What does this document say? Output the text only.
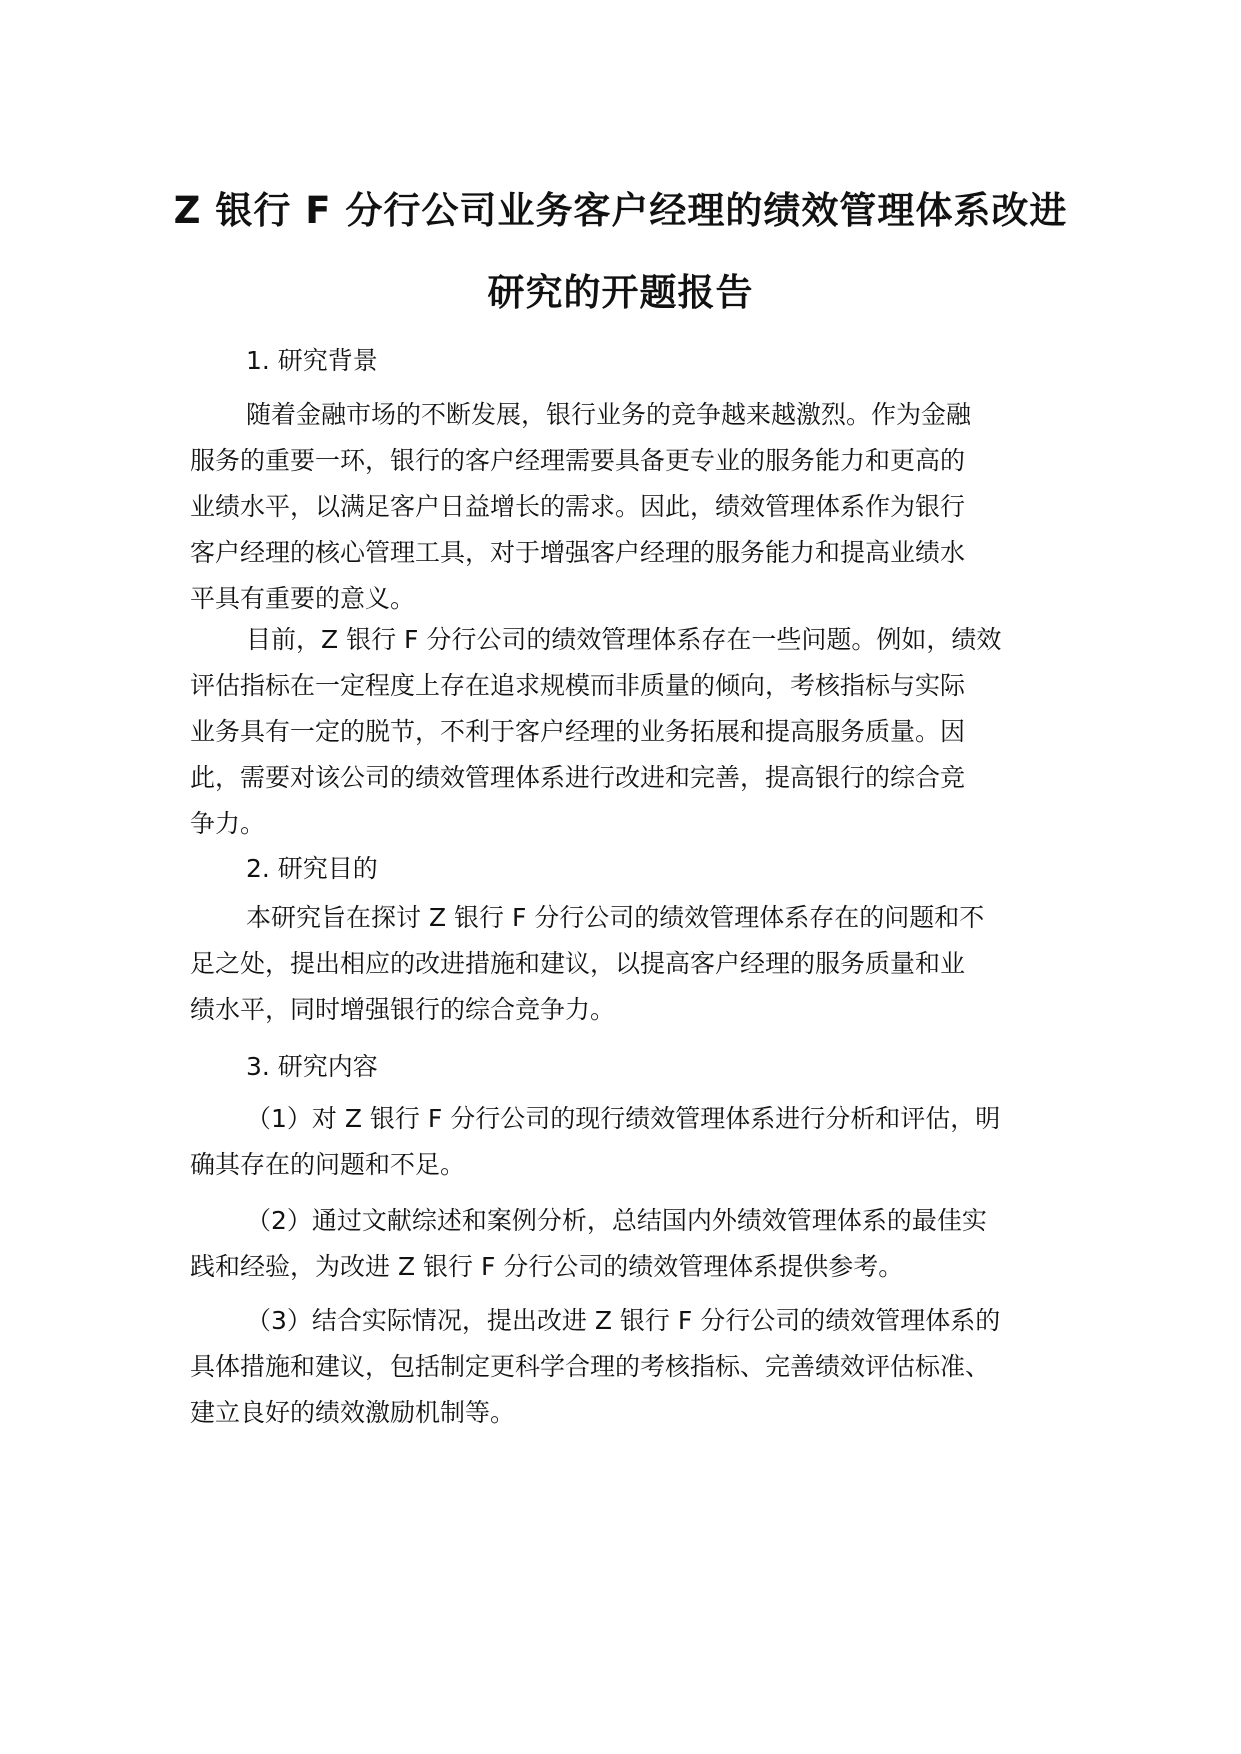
Z 银行 F 分行公司业务客户经理的绩效管理体系改进
研究的开题报告
1. 研究背景
随着金融市场的不断发展，银行业务的竞争越来越激烈。作为金融
服务的重要一环，银行的客户经理需要具备更专业的服务能力和更高的
业绩水平，以满足客户日益增长的需求。因此，绩效管理体系作为银行
客户经理的核心管理工具，对于增强客户经理的服务能力和提高业绩水
平具有重要的意义。
目前，Z 银行 F 分行公司的绩效管理体系存在一些问题。例如，绩效
评估指标在一定程度上存在追求规模而非质量的倾向，考核指标与实际
业务具有一定的脱节，不利于客户经理的业务拓展和提高服务质量。因
此，需要对该公司的绩效管理体系进行改进和完善，提高银行的综合竞
争力。
2. 研究目的
本研究旨在探讨 Z 银行 F 分行公司的绩效管理体系存在的问题和不
足之处，提出相应的改进措施和建议，以提高客户经理的服务质量和业
绩水平，同时增强银行的综合竞争力。
3. 研究内容
（1）对 Z 银行 F 分行公司的现行绩效管理体系进行分析和评估，明
确其存在的问题和不足。
（2）通过文献综述和案例分析，总结国内外绩效管理体系的最佳实
践和经验，为改进 Z 银行 F 分行公司的绩效管理体系提供参考。
（3）结合实际情况，提出改进 Z 银行 F 分行公司的绩效管理体系的
具体措施和建议，包括制定更科学合理的考核指标、完善绩效评估标准、
建立良好的绩效激励机制等。
